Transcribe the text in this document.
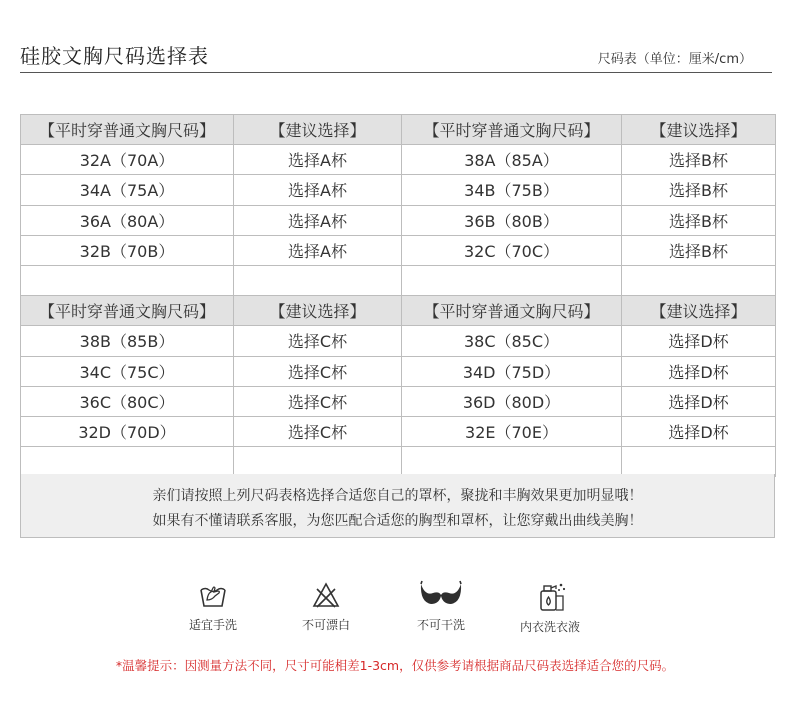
硅胶文胸尺码选择表	尺码表（单位：厘米/cm）
【平时穿普通文胸尺码】	【建议选择】	【平时穿普通文胸尺码】	【建议选择】
32A（70A）	选择A杯	38A（85A）	选择B杯
34A（75A）	选择A杯	34B（75B）	选择B杯
36A（80A）	选择A杯	36B（80B）	选择B杯
32B（70B）	选择A杯	32C（70C）	选择B杯

【平时穿普通文胸尺码】	【建议选择】	【平时穿普通文胸尺码】	【建议选择】
38B（85B）	选择C杯	38C（85C）	选择D杯
34C（75C）	选择C杯	34D（75D）	选择D杯
36C（80C）	选择C杯	36D（80D）	选择D杯
32D（70D）	选择C杯	32E（70E）	选择D杯

亲们请按照上列尺码表格选择合适您自己的罩杯，聚拢和丰胸效果更加明显哦！
如果有不懂请联系客服，为您匹配合适您的胸型和罩杯，让您穿戴出曲线美胸！
适宜手洗	不可漂白	不可干洗	内衣洗衣液
*温馨提示：因测量方法不同，尺寸可能相差1-3cm，仅供参考请根据商品尺码表选择适合您的尺码。
